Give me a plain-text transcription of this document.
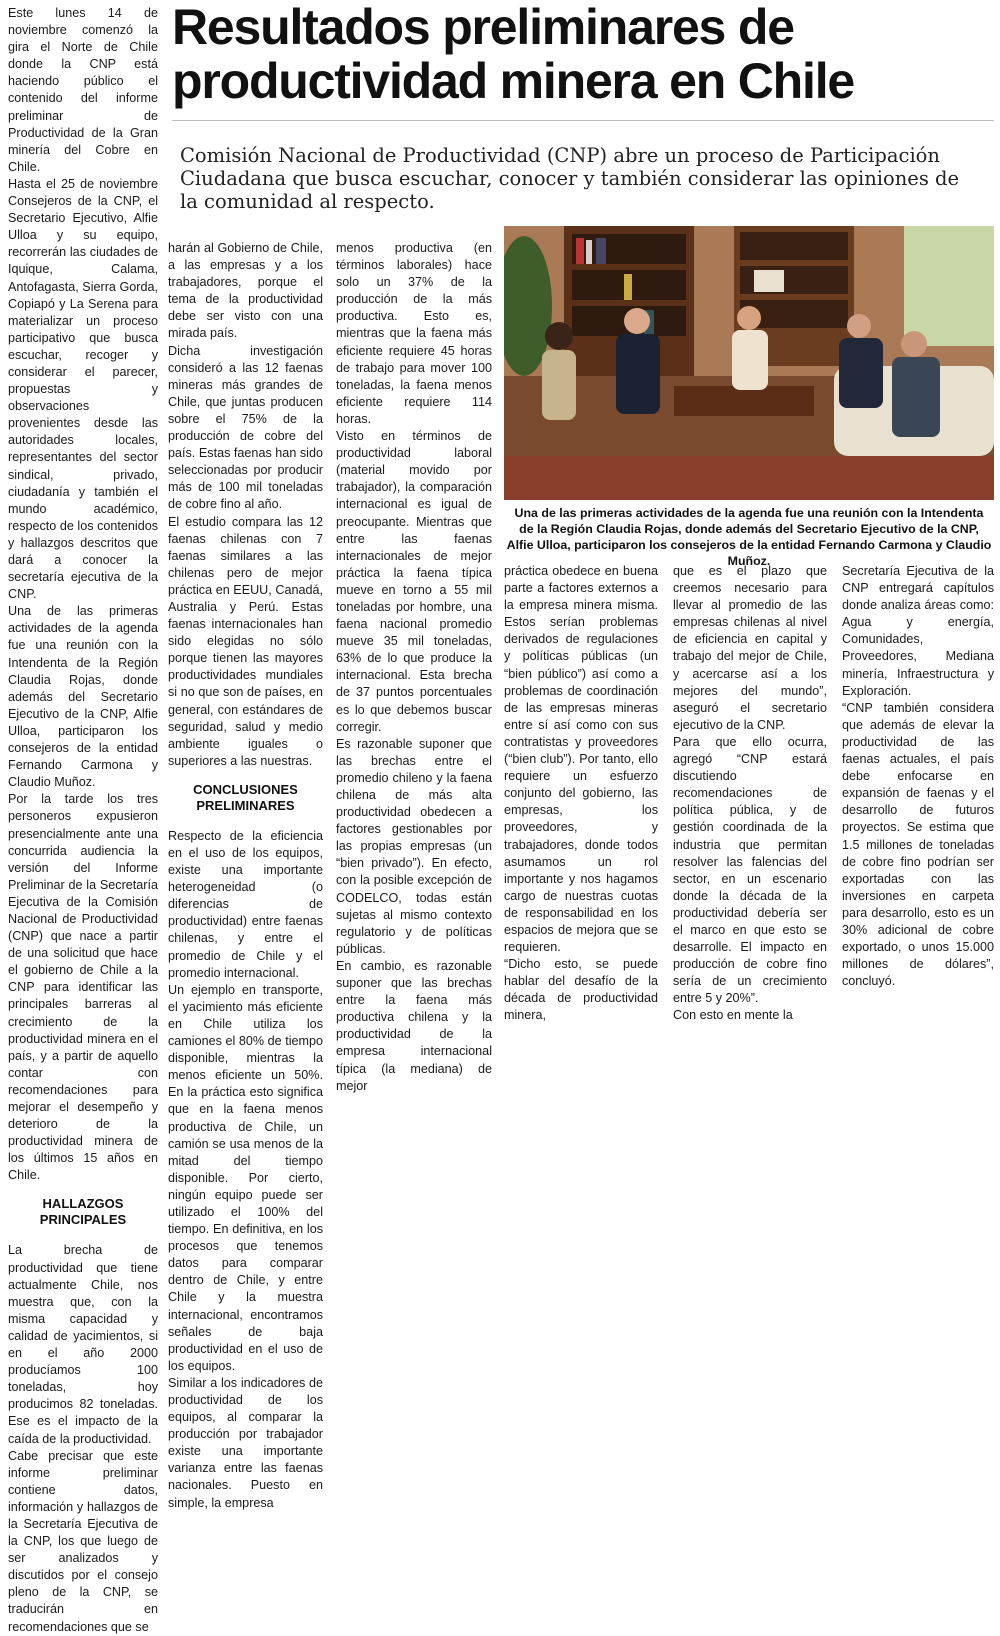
Resultados preliminares de productividad minera en Chile

Comisión Nacional de Productividad (CNP) abre un proceso de Participación Ciudadana que busca escuchar, conocer y también considerar las opiniones de la comunidad al respecto.

Este lunes 14 de noviembre comenzó la gira el Norte de Chile donde la CNP está haciendo público el contenido del informe preliminar de Productividad de la Gran minería del Cobre en Chile.

Hasta el 25 de noviembre Consejeros de la CNP, el Secretario Ejecutivo, Alfie Ulloa y su equipo, recorrerán las ciudades de Iquique, Calama, Antofagasta, Sierra Gorda, Copiapó y La Serena para materializar un proceso participativo que busca escuchar, recoger y considerar el parecer, propuestas y observaciones provenientes desde las autoridades locales, representantes del sector sindical, privado, ciudadanía y también el mundo académico, respecto de los contenidos y hallazgos descritos que dará a conocer la secretaría ejecutiva de la CNP.

Una de las primeras actividades de la agenda fue una reunión con la Intendenta de la Región Claudia Rojas, donde además del Secretario Ejecutivo de la CNP, Alfie Ulloa, participaron los consejeros de la entidad Fernando Carmona y Claudio Muñoz.

Por la tarde los tres personeros expusieron presencialmente ante una concurrida audiencia la versión del Informe Preliminar de la Secretaría Ejecutiva de la Comisión Nacional de Productividad (CNP) que nace a partir de una solicitud que hace el gobierno de Chile a la CNP para identificar las principales barreras al crecimiento de la productividad minera en el país, y a partir de aquello contar con recomendaciones para mejorar el desempeño y deterioro de la productividad minera de los últimos 15 años en Chile.

HALLAZGOS PRINCIPALES

La brecha de productividad que tiene actualmente Chile, nos muestra que, con la misma capacidad y calidad de yacimientos, si en el año 2000 producíamos 100 toneladas, hoy producimos 82 toneladas. Ese es el impacto de la caída de la productividad.

Cabe precisar que este informe preliminar contiene datos, información y hallazgos de la Secretaría Ejecutiva de la CNP, los que luego de ser analizados y discutidos por el consejo pleno de la CNP, se traducirán en recomendaciones que se

harán al Gobierno de Chile, a las empresas y a los trabajadores, porque el tema de la productividad debe ser visto con una mirada país.

Dicha investigación consideró a las 12 faenas mineras más grandes de Chile, que juntas producen sobre el 75% de la producción de cobre del país. Estas faenas han sido seleccionadas por producir más de 100 mil toneladas de cobre fino al año.

El estudio compara las 12 faenas chilenas con 7 faenas similares a las chilenas pero de mejor práctica en EEUU, Canadá, Australia y Perú. Estas faenas internacionales han sido elegidas no sólo porque tienen las mayores productividades mundiales si no que son de países, en general, con estándares de seguridad, salud y medio ambiente iguales o superiores a las nuestras.

CONCLUSIONES PRELIMINARES

Respecto de la eficiencia en el uso de los equipos, existe una importante heterogeneidad (o diferencias de productividad) entre faenas chilenas, y entre el promedio de Chile y el promedio internacional.

Un ejemplo en transporte, el yacimiento más eficiente en Chile utiliza los camiones el 80% de tiempo disponible, mientras la menos eficiente un 50%. En la práctica esto significa que en la faena menos productiva de Chile, un camión se usa menos de la mitad del tiempo disponible. Por cierto, ningún equipo puede ser utilizado el 100% del tiempo. En definitiva, en los procesos que tenemos datos para comparar dentro de Chile, y entre Chile y la muestra internacional, encontramos señales de baja productividad en el uso de los equipos.

Similar a los indicadores de productividad de los equipos, al comparar la producción por trabajador existe una importante varianza entre las faenas nacionales. Puesto en simple, la empresa

menos productiva (en términos laborales) hace solo un 37% de la producción de la más productiva. Esto es, mientras que la faena más eficiente requiere 45 horas de trabajo para mover 100 toneladas, la faena menos eficiente requiere 114 horas.

Visto en términos de productividad laboral (material movido por trabajador), la comparación internacional es igual de preocupante. Mientras que entre las faenas internacionales de mejor práctica la faena típica mueve en torno a 55 mil toneladas por hombre, una faena nacional promedio mueve 35 mil toneladas, 63% de lo que produce la internacional. Esta brecha de 37 puntos porcentuales es lo que debemos buscar corregir.

Es razonable suponer que las brechas entre el promedio chileno y la faena chilena de más alta productividad obedecen a factores gestionables por las propias empresas (un “bien privado”). En efecto, con la posible excepción de CODELCO, todas están sujetas al mismo contexto regulatorio y de políticas públicas.

En cambio, es razonable suponer que las brechas entre la faena más productiva chilena y la productividad de la empresa internacional típica (la mediana) de mejor

Una de las primeras actividades de la agenda fue una reunión con la Intendenta de la Región Claudia Rojas, donde además del Secretario Ejecutivo de la CNP, Alfie Ulloa, participaron los consejeros de la entidad Fernando Carmona y Claudio Muñoz.

práctica obedece en buena parte a factores externos a la empresa minera misma. Estos serían problemas derivados de regulaciones y políticas públicas (un “bien público”) así como a problemas de coordinación de las empresas mineras entre sí así como con sus contratistas y proveedores (“bien club”). Por tanto, ello requiere un esfuerzo conjunto del gobierno, las empresas, los proveedores, y trabajadores, donde todos asumamos un rol importante y nos hagamos cargo de nuestras cuotas de responsabilidad en los espacios de mejora que se requieren.

“Dicho esto, se puede hablar del desafío de la década de productividad minera,

que es el plazo que creemos necesario para llevar al promedio de las empresas chilenas al nivel de eficiencia en capital y trabajo del mejor de Chile, y acercarse así a los mejores del mundo”, aseguró el secretario ejecutivo de la CNP.

Para que ello ocurra, agregó “CNP estará discutiendo recomendaciones de política pública, y de gestión coordinada de la industria que permitan resolver las falencias del sector, en un escenario donde la década de la productividad debería ser el marco en que esto se desarrolle. El impacto en producción de cobre fino sería de un crecimiento entre 5 y 20%”.

Con esto en mente la

Secretaría Ejecutiva de la CNP entregará capítulos donde analiza áreas como: Agua y energía, Comunidades, Proveedores, Mediana minería, Infraestructura y Exploración.

“CNP también considera que además de elevar la productividad de las faenas actuales, el país debe enfocarse en expansión de faenas y el desarrollo de futuros proyectos. Se estima que 1.5 millones de toneladas de cobre fino podrían ser exportadas con las inversiones en carpeta para desarrollo, esto es un 30% adicional de cobre exportado, o unos 15.000 millones de dólares”, concluyó.
